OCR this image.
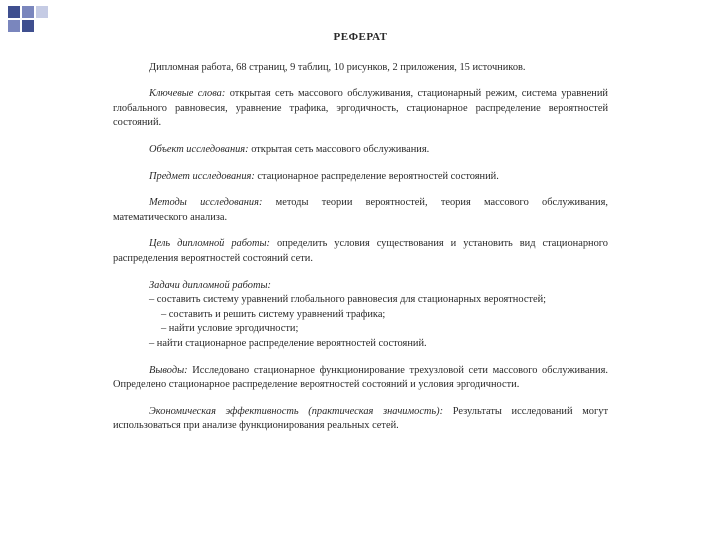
РЕФЕРАТ

Дипломная работа, 68 страниц, 9 таблиц, 10 рисунков, 2 приложения, 15 источников.

Ключевые слова: открытая сеть массового обслуживания, стационарный режим, система уравнений глобального равновесия, уравнение трафика, эргодичность, стационарное распределение вероятностей состояний.

Объект исследования: открытая сеть массового обслуживания.

Предмет исследования: стационарное распределение вероятностей состояний.

Методы исследования: методы теории вероятностей, теория массового обслуживания, математического анализа.

Цель дипломной работы: определить условия существования и установить вид стационарного распределения вероятностей состояний сети.

Задачи дипломной работы:

– составить систему уравнений глобального равновесия для стационарных вероятностей;

– составить и решить систему уравнений трафика;

– найти условие эргодичности;

– найти стационарное распределение вероятностей состояний.

Выводы: Исследовано стационарное функционирование трехузловой сети массового обслуживания. Определено стационарное распределение вероятностей состояний и условия эргодичности.

Экономическая эффективность (практическая значимость): Результаты исследований могут использоваться при анализе функционирования реальных сетей.
